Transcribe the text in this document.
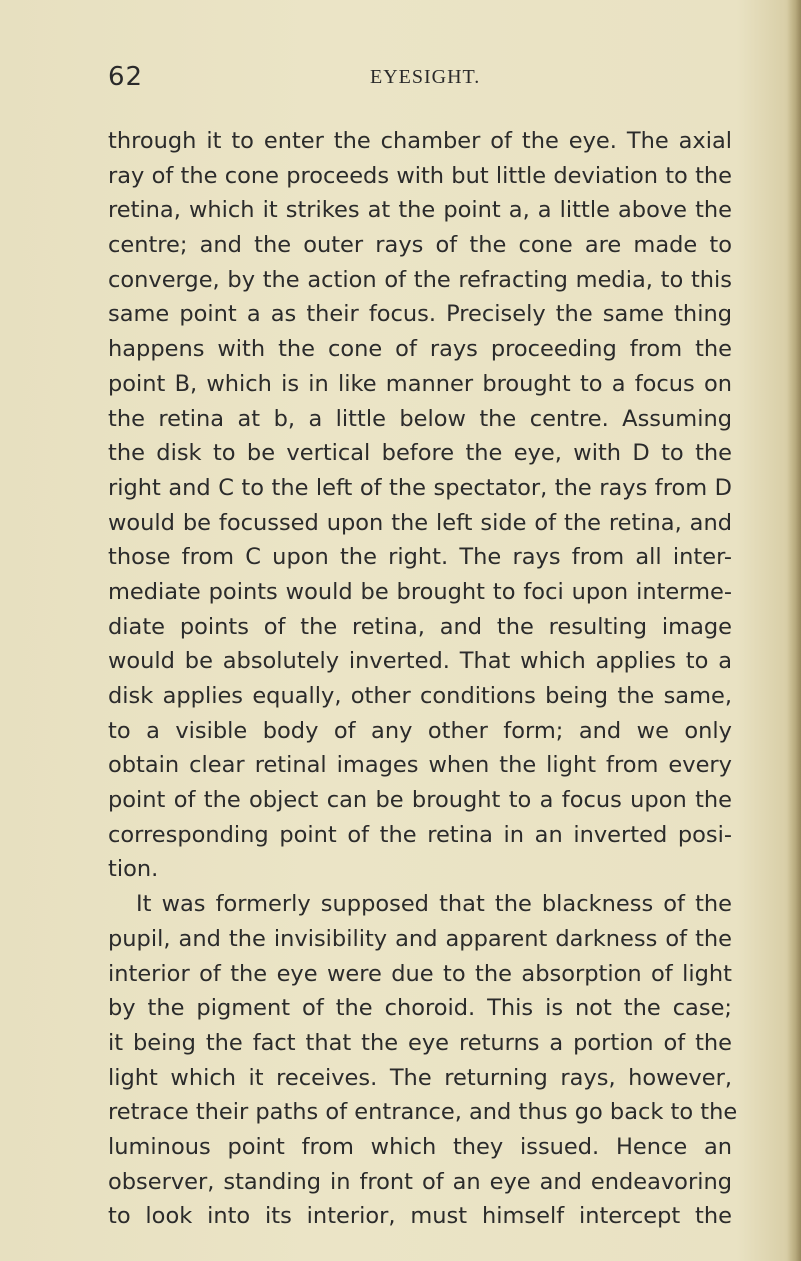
62	EYESIGHT.
through it to enter the chamber of the eye. The axial
ray of the cone proceeds with but little deviation to the
retina, which it strikes at the point a, a little above the
centre; and the outer rays of the cone are made to
converge, by the action of the refracting media, to this
same point a as their focus. Precisely the same thing
happens with the cone of rays proceeding from the
point B, which is in like manner brought to a focus on
the retina at b, a little below the centre. Assuming
the disk to be vertical before the eye, with D to the
right and C to the left of the spectator, the rays from D
would be focussed upon the left side of the retina, and
those from C upon the right. The rays from all inter-
mediate points would be brought to foci upon interme-
diate points of the retina, and the resulting image
would be absolutely inverted. That which applies to a
disk applies equally, other conditions being the same,
to a visible body of any other form; and we only
obtain clear retinal images when the light from every
point of the object can be brought to a focus upon the
corresponding point of the retina in an inverted posi-
tion.
It was formerly supposed that the blackness of the
pupil, and the invisibility and apparent darkness of the
interior of the eye were due to the absorption of light
by the pigment of the choroid. This is not the case;
it being the fact that the eye returns a portion of the
light which it receives. The returning rays, however,
retrace their paths of entrance, and thus go back to the
luminous point from which they issued. Hence an
observer, standing in front of an eye and endeavoring
to look into its interior, must himself intercept the
